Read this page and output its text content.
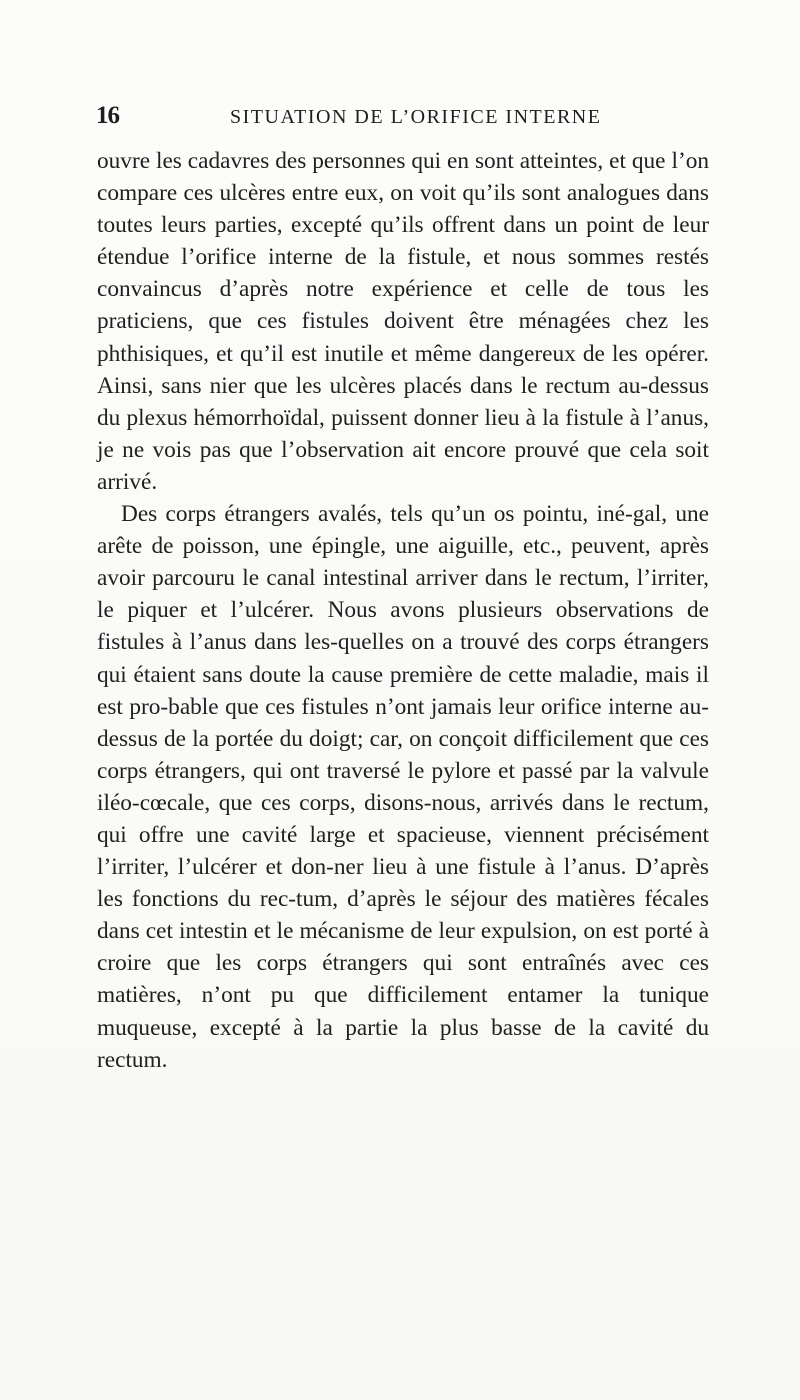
16	SITUATION DE L’ORIFICE INTERNE

ouvre les cadavres des personnes qui en sont atteintes, et que l’on compare ces ulcères entre eux, on voit qu’ils sont analogues dans toutes leurs parties, excepté qu’ils offrent dans un point de leur étendue l’orifice interne de la fistule, et nous sommes restés convaincus d’après notre expérience et celle de tous les praticiens, que ces fistules doivent être ménagées chez les phthisiques, et qu’il est inutile et même dangereux de les opérer. Ainsi, sans nier que les ulcères placés dans le rectum au-dessus du plexus hémorrhoïdal, puissent donner lieu à la fistule à l’anus, je ne vois pas que l’observation ait encore prouvé que cela soit arrivé.

Des corps étrangers avalés, tels qu’un os pointu, iné-gal, une arête de poisson, une épingle, une aiguille, etc., peuvent, après avoir parcouru le canal intestinal arriver dans le rectum, l’irriter, le piquer et l’ulcérer. Nous avons plusieurs observations de fistules à l’anus dans les-quelles on a trouvé des corps étrangers qui étaient sans doute la cause première de cette maladie, mais il est pro-bable que ces fistules n’ont jamais leur orifice interne au-dessus de la portée du doigt; car, on conçoit difficilement que ces corps étrangers, qui ont traversé le pylore et passé par la valvule iléo-cœcale, que ces corps, disons-nous, arrivés dans le rectum, qui offre une cavité large et spacieuse, viennent précisément l’irriter, l’ulcérer et don-ner lieu à une fistule à l’anus. D’après les fonctions du rec-tum, d’après le séjour des matières fécales dans cet intestin et le mécanisme de leur expulsion, on est porté à croire que les corps étrangers qui sont entraînés avec ces matières, n’ont pu que difficilement entamer la tunique muqueuse, excepté à la partie la plus basse de la cavité du rectum.
